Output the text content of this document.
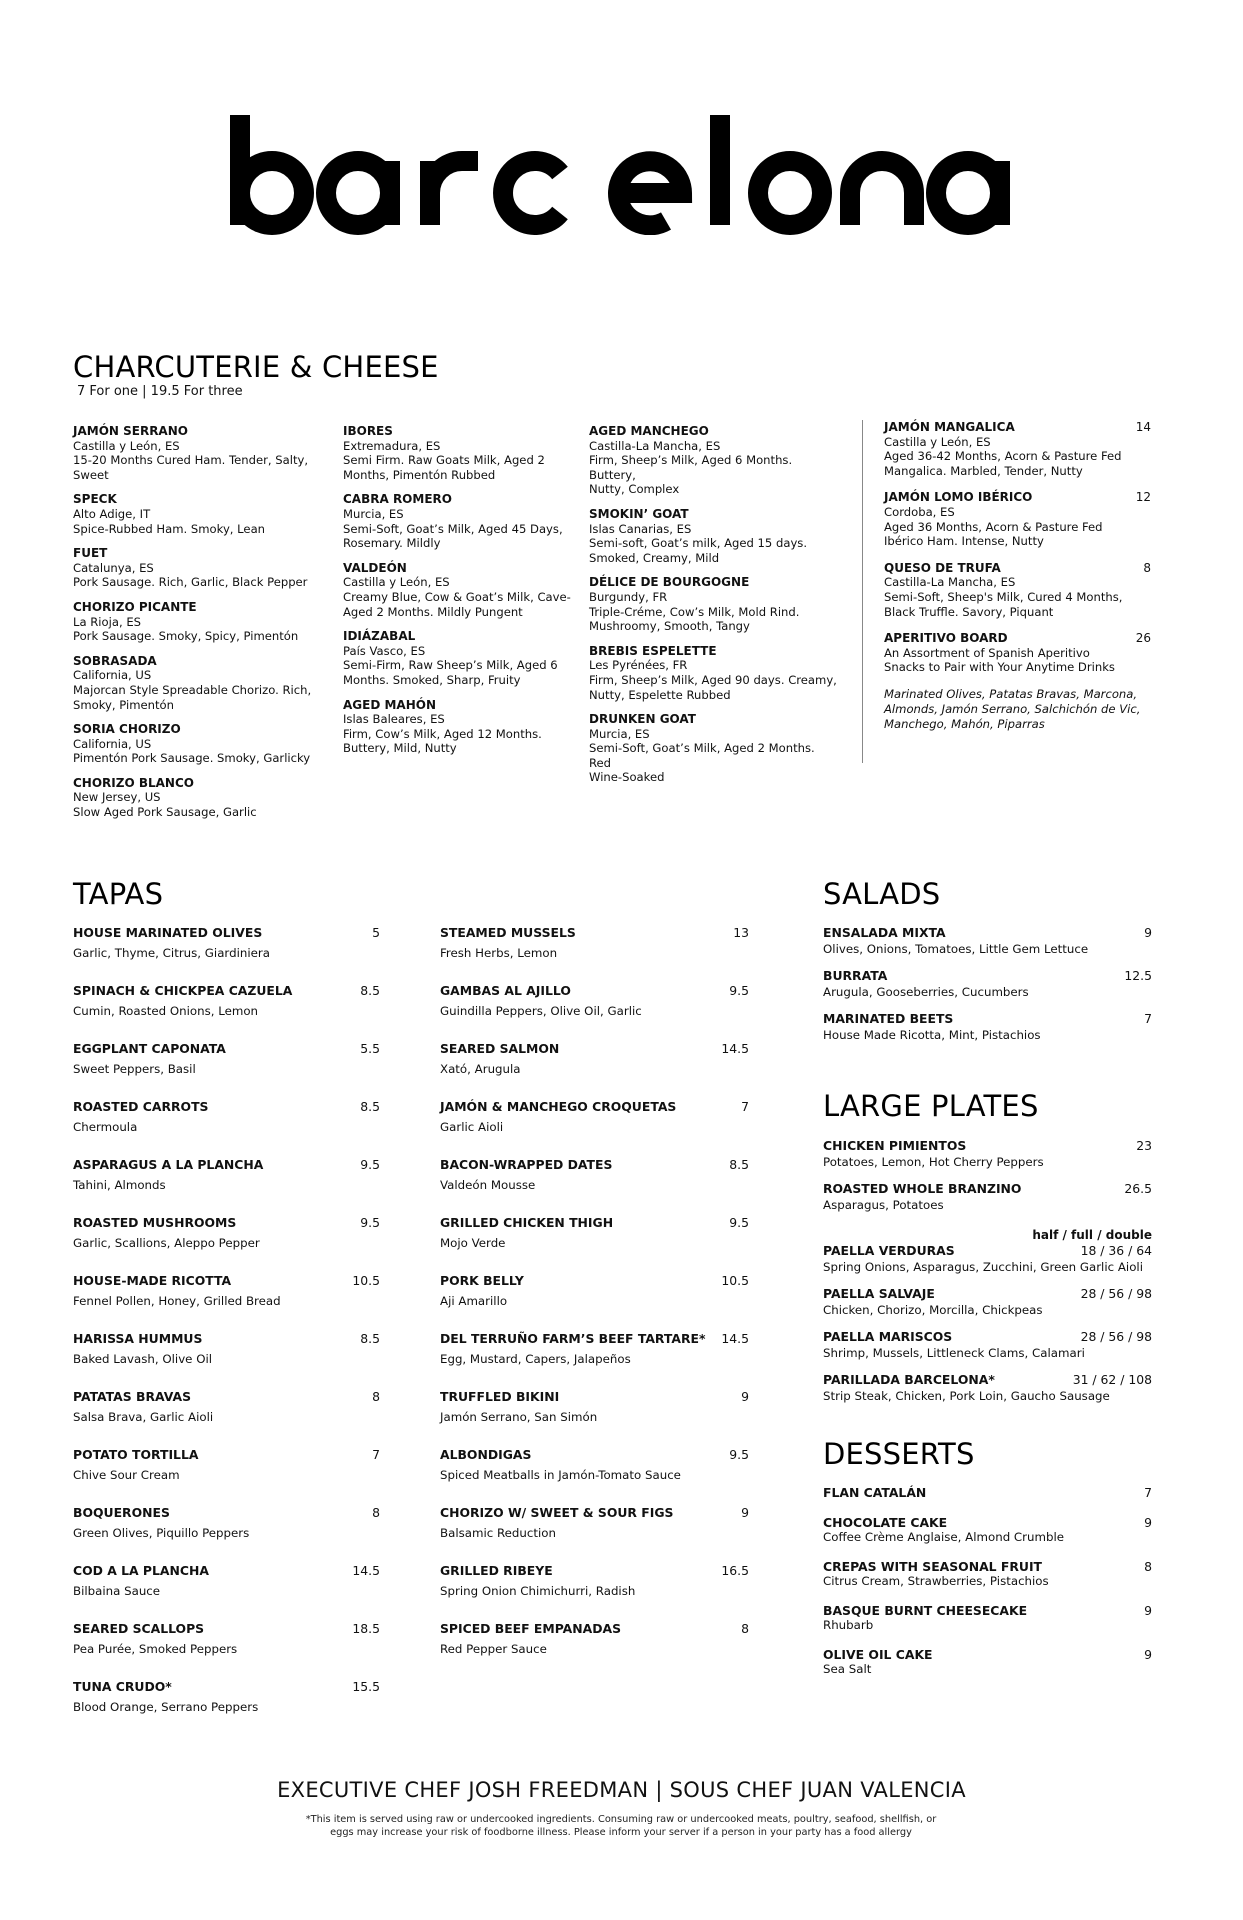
CHARCUTERIE & CHEESE
7 For one | 19.5 For three
JAMÓN SERRANO
Castilla y León, ES
15-20 Months Cured Ham. Tender, Salty,
Sweet
SPECK
Alto Adige, IT
Spice-Rubbed Ham. Smoky, Lean
FUET
Catalunya, ES
Pork Sausage. Rich, Garlic, Black Pepper
CHORIZO PICANTE
La Rioja, ES
Pork Sausage. Smoky, Spicy, Pimentón
SOBRASADA
California, US
Majorcan Style Spreadable Chorizo. Rich,
Smoky, Pimentón
SORIA CHORIZO
California, US
Pimentón Pork Sausage. Smoky, Garlicky
CHORIZO BLANCO
New Jersey, US
Slow Aged Pork Sausage, Garlic
IBORES
Extremadura, ES
Semi Firm. Raw Goats Milk, Aged 2
Months, Pimentón Rubbed
CABRA ROMERO
Murcia, ES
Semi-Soft, Goat’s Milk, Aged 45 Days,
Rosemary. Mildly
VALDEÓN
Castilla y León, ES
Creamy Blue, Cow & Goat’s Milk, Cave-
Aged 2 Months. Mildly Pungent
IDIÁZABAL
País Vasco, ES
Semi-Firm, Raw Sheep’s Milk, Aged 6
Months. Smoked, Sharp, Fruity
AGED MAHÓN
Islas Baleares, ES
Firm, Cow’s Milk, Aged 12 Months.
Buttery, Mild, Nutty
AGED MANCHEGO
Castilla-La Mancha, ES
Firm, Sheep’s Milk, Aged 6 Months. Buttery,
Nutty, Complex
SMOKIN’ GOAT
Islas Canarias, ES
Semi-soft, Goat’s milk, Aged 15 days.
Smoked, Creamy, Mild
DÉLICE DE BOURGOGNE
Burgundy, FR
Triple-Créme, Cow’s Milk, Mold Rind.
Mushroomy, Smooth, Tangy
BREBIS ESPELETTE
Les Pyrénées, FR
Firm, Sheep’s Milk, Aged 90 days. Creamy,
Nutty, Espelette Rubbed
DRUNKEN GOAT
Murcia, ES
Semi-Soft, Goat’s Milk, Aged 2 Months. Red
Wine-Soaked
JAMÓN MANGALICA	14
Castilla y León, ES
Aged 36-42 Months, Acorn & Pasture Fed
Mangalica. Marbled, Tender, Nutty
JAMÓN LOMO IBÉRICO	12
Cordoba, ES
Aged 36 Months, Acorn & Pasture Fed
Ibérico Ham. Intense, Nutty
QUESO DE TRUFA	8
Castilla-La Mancha, ES
Semi-Soft, Sheep's Milk, Cured 4 Months,
Black Truffle. Savory, Piquant
APERITIVO BOARD	26
An Assortment of Spanish Aperitivo
Snacks to Pair with Your Anytime Drinks
Marinated Olives, Patatas Bravas, Marcona,
Almonds, Jamón Serrano, Salchichón de Vic,
Manchego, Mahón, Piparras
TAPAS
HOUSE MARINATED OLIVES	5
Garlic, Thyme, Citrus, Giardiniera
SPINACH & CHICKPEA CAZUELA	8.5
Cumin, Roasted Onions, Lemon
EGGPLANT CAPONATA	5.5
Sweet Peppers, Basil
ROASTED CARROTS	8.5
Chermoula
ASPARAGUS A LA PLANCHA	9.5
Tahini, Almonds
ROASTED MUSHROOMS	9.5
Garlic, Scallions, Aleppo Pepper
HOUSE-MADE RICOTTA	10.5
Fennel Pollen, Honey, Grilled Bread
HARISSA HUMMUS	8.5
Baked Lavash, Olive Oil
PATATAS BRAVAS	8
Salsa Brava, Garlic Aioli
POTATO TORTILLA	7
Chive Sour Cream
BOQUERONES	8
Green Olives, Piquillo Peppers
COD A LA PLANCHA	14.5
Bilbaina Sauce
SEARED SCALLOPS	18.5
Pea Purée, Smoked Peppers
TUNA CRUDO*	15.5
Blood Orange, Serrano Peppers
STEAMED MUSSELS	13
Fresh Herbs, Lemon
GAMBAS AL AJILLO	9.5
Guindilla Peppers, Olive Oil, Garlic
SEARED SALMON	14.5
Xató, Arugula
JAMÓN & MANCHEGO CROQUETAS	7
Garlic Aioli
BACON-WRAPPED DATES	8.5
Valdeón Mousse
GRILLED CHICKEN THIGH	9.5
Mojo Verde
PORK BELLY	10.5
Aji Amarillo
DEL TERRUÑO FARM’S BEEF TARTARE* 14.5
Egg, Mustard, Capers, Jalapeños
TRUFFLED BIKINI	9
Jamón Serrano, San Simón
ALBONDIGAS	9.5
Spiced Meatballs in Jamón-Tomato Sauce
CHORIZO W/ SWEET & SOUR FIGS	9
Balsamic Reduction
GRILLED RIBEYE	16.5
Spring Onion Chimichurri, Radish
SPICED BEEF EMPANADAS	8
Red Pepper Sauce
SALADS
ENSALADA MIXTA	9
Olives, Onions, Tomatoes, Little Gem Lettuce
BURRATA	12.5
Arugula, Gooseberries, Cucumbers
MARINATED BEETS	7
House Made Ricotta, Mint, Pistachios
LARGE PLATES
CHICKEN PIMIENTOS	23
Potatoes, Lemon, Hot Cherry Peppers
ROASTED WHOLE BRANZINO	26.5
Asparagus, Potatoes
half / full / double
PAELLA VERDURAS	18 / 36 / 64
Spring Onions, Asparagus, Zucchini, Green Garlic Aioli
PAELLA SALVAJE	28 / 56 / 98
Chicken, Chorizo, Morcilla, Chickpeas
PAELLA MARISCOS	28 / 56 / 98
Shrimp, Mussels, Littleneck Clams, Calamari
PARILLADA BARCELONA*	31 / 62 / 108
Strip Steak, Chicken, Pork Loin, Gaucho Sausage
DESSERTS
FLAN CATALÁN	7
CHOCOLATE CAKE	9
Coffee Crème Anglaise, Almond Crumble
CREPAS WITH SEASONAL FRUIT	8
Citrus Cream, Strawberries, Pistachios
BASQUE BURNT CHEESECAKE	9
Rhubarb
OLIVE OIL CAKE	9
Sea Salt
EXECUTIVE CHEF JOSH FREEDMAN | SOUS CHEF JUAN VALENCIA
*This item is served using raw or undercooked ingredients. Consuming raw or undercooked meats, poultry, seafood, shellfish, or
eggs may increase your risk of foodborne illness. Please inform your server if a person in your party has a food allergy
